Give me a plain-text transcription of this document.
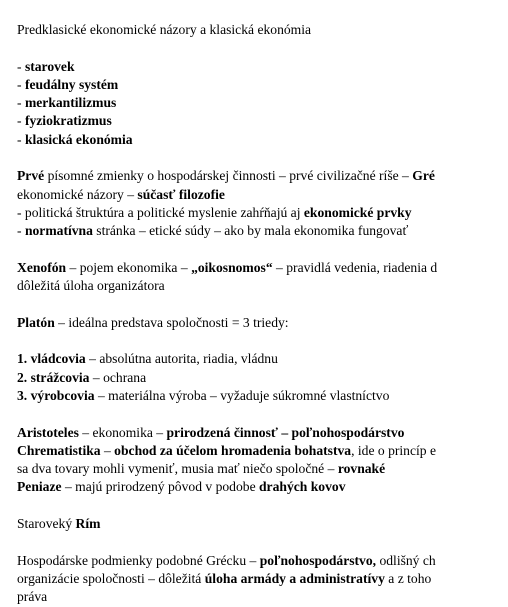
Predklasické ekonomické názory a klasická ekonómia
- starovek
- feudálny systém
- merkantilizmus
- fyziokratizmus
- klasická ekonómia
Prvé písomné zmienky o hospodárskej činnosti – prvé civilizačné ríše – Gré
ekonomické názory – súčasť filozofie
- politická štruktúra a politické myslenie zahŕňajú aj ekonomické prvky
- normatívna stránka – etické súdy – ako by mala ekonomika fungovať
Xenofón – pojem ekonomika – „oikosnomos“ – pravidlá vedenia, riadenia d
dôležitá úloha organizátora
Platón – ideálna predstava spoločnosti = 3 triedy:
1. vládcovia – absolútna autorita, riadia, vládnu
2. strážcovia – ochrana
3. výrobcovia – materiálna výroba – vyžaduje súkromné vlastníctvo
Aristoteles – ekonomika – prirodzená činnosť – poľnohospodárstvo
Chrematistika – obchod za účelom hromadenia bohatstva, ide o princíp e
sa dva tovary mohli vymeniť, musia mať niečo spoločné – rovnaké
Peniaze – majú prirodzený pôvod v podobe drahých kovov
Staroveký Rím
Hospodárske podmienky podobné Grécku – poľnohospodárstvo, odlišný ch
organizácie spoločnosti – dôležitá úloha armády a administratívy a z toho
práva
